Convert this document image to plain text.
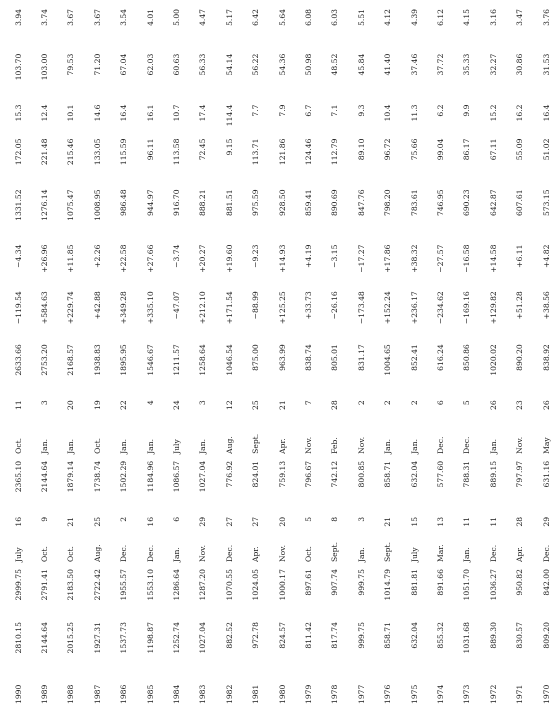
1990	2810.15	2999.75	July	16	2365.10	Oct.	11	2633.66	−119.54	−4.34	1331.52	172.05	15.3	103.70	3.94
1989	2144.64	2791.41	Oct.	9	2144.64	Jan.	3	2753.20	+584.63	+26.96	1276.14	221.48	12.4	103.00	3.74
1988	2015.25	2183.50	Oct.	21	1879.14	Jan.	20	2168.57	+229.74	+11.85	1075.47	215.46	10.1	79.53	3.67
1987	1927.31	2722.42	Aug.	25	1738.74	Oct.	19	1938.83	+42.88	+2.26	1008.95	133.05	14.6	71.20	3.67
1986	1537.73	1955.57	Dec.	2	1502.29	Jan.	22	1895.95	+349.28	+22.58	986.48	115.59	16.4	67.04	3.54
1985	1198.87	1553.10	Dec.	16	1184.96	Jan.	4	1546.67	+335.10	+27.66	944.97	96.11	16.1	62.03	4.01
1984	1252.74	1286.64	Jan.	6	1086.57	July	24	1211.57	−47.07	−3.74	916.70	113.58	10.7	60.63	5.00
1983	1027.04	1287.20	Nov.	29	1027.04	Jan.	3	1258.64	+212.10	+20.27	888.21	72.45	17.4	56.33	4.47
1982	882.52	1070.55	Dec.	27	776.92	Aug.	12	1046.54	+171.54	+19.60	881.51	9.15	114.4	54.14	5.17
1981	972.78	1024.05	Apr.	27	824.01	Sept.	25	875.00	−88.99	−9.23	975.59	113.71	7.7	56.22	6.42
1980	824.57	1000.17	Nov.	20	759.13	Apr.	21	963.99	+125.25	+14.93	928.50	121.86	7.9	54.36	5.64
1979	811.42	897.61	Oct.	5	796.67	Nov.	7	838.74	+33.73	+4.19	859.41	124.46	6.7	50.98	6.08
1978	817.74	907.74	Sept.	8	742.12	Feb.	28	805.01	−26.16	−3.15	890.69	112.79	7.1	48.52	6.03
1977	999.75	999.75	Jan.	3	800.85	Nov.	2	831.17	−173.48	−17.27	847.76	89.10	9.3	45.84	5.51
1976	858.71	1014.79	Sept.	21	858.71	Jan.	2	1004.65	+152.24	+17.86	798.20	96.72	10.4	41.40	4.12
1975	632.04	881.81	July	15	632.04	Jan.	2	852.41	+236.17	+38.32	783.61	75.66	11.3	37.46	4.39
1974	855.32	891.66	Mar.	13	577.60	Dec.	6	616.24	−234.62	−27.57	746.95	99.04	6.2	37.72	6.12
1973	1031.68	1051.70	Jan.	11	788.31	Dec.	5	850.86	−169.16	−16.58	690.23	86.17	9.9	35.33	4.15
1972	889.30	1036.27	Dec.	11	889.15	Jan.	26	1020.02	+129.82	+14.58	642.87	67.11	15.2	32.27	3.16
1971	830.57	950.82	Apr.	28	797.97	Nov.	23	890.20	+51.28	+6.11	607.61	55.09	16.2	30.86	3.47
1970	809.20	842.00	Dec.	29	631.16	May	26	838.92	+38.56	+4.82	573.15	51.02	16.4	31.53	3.76
